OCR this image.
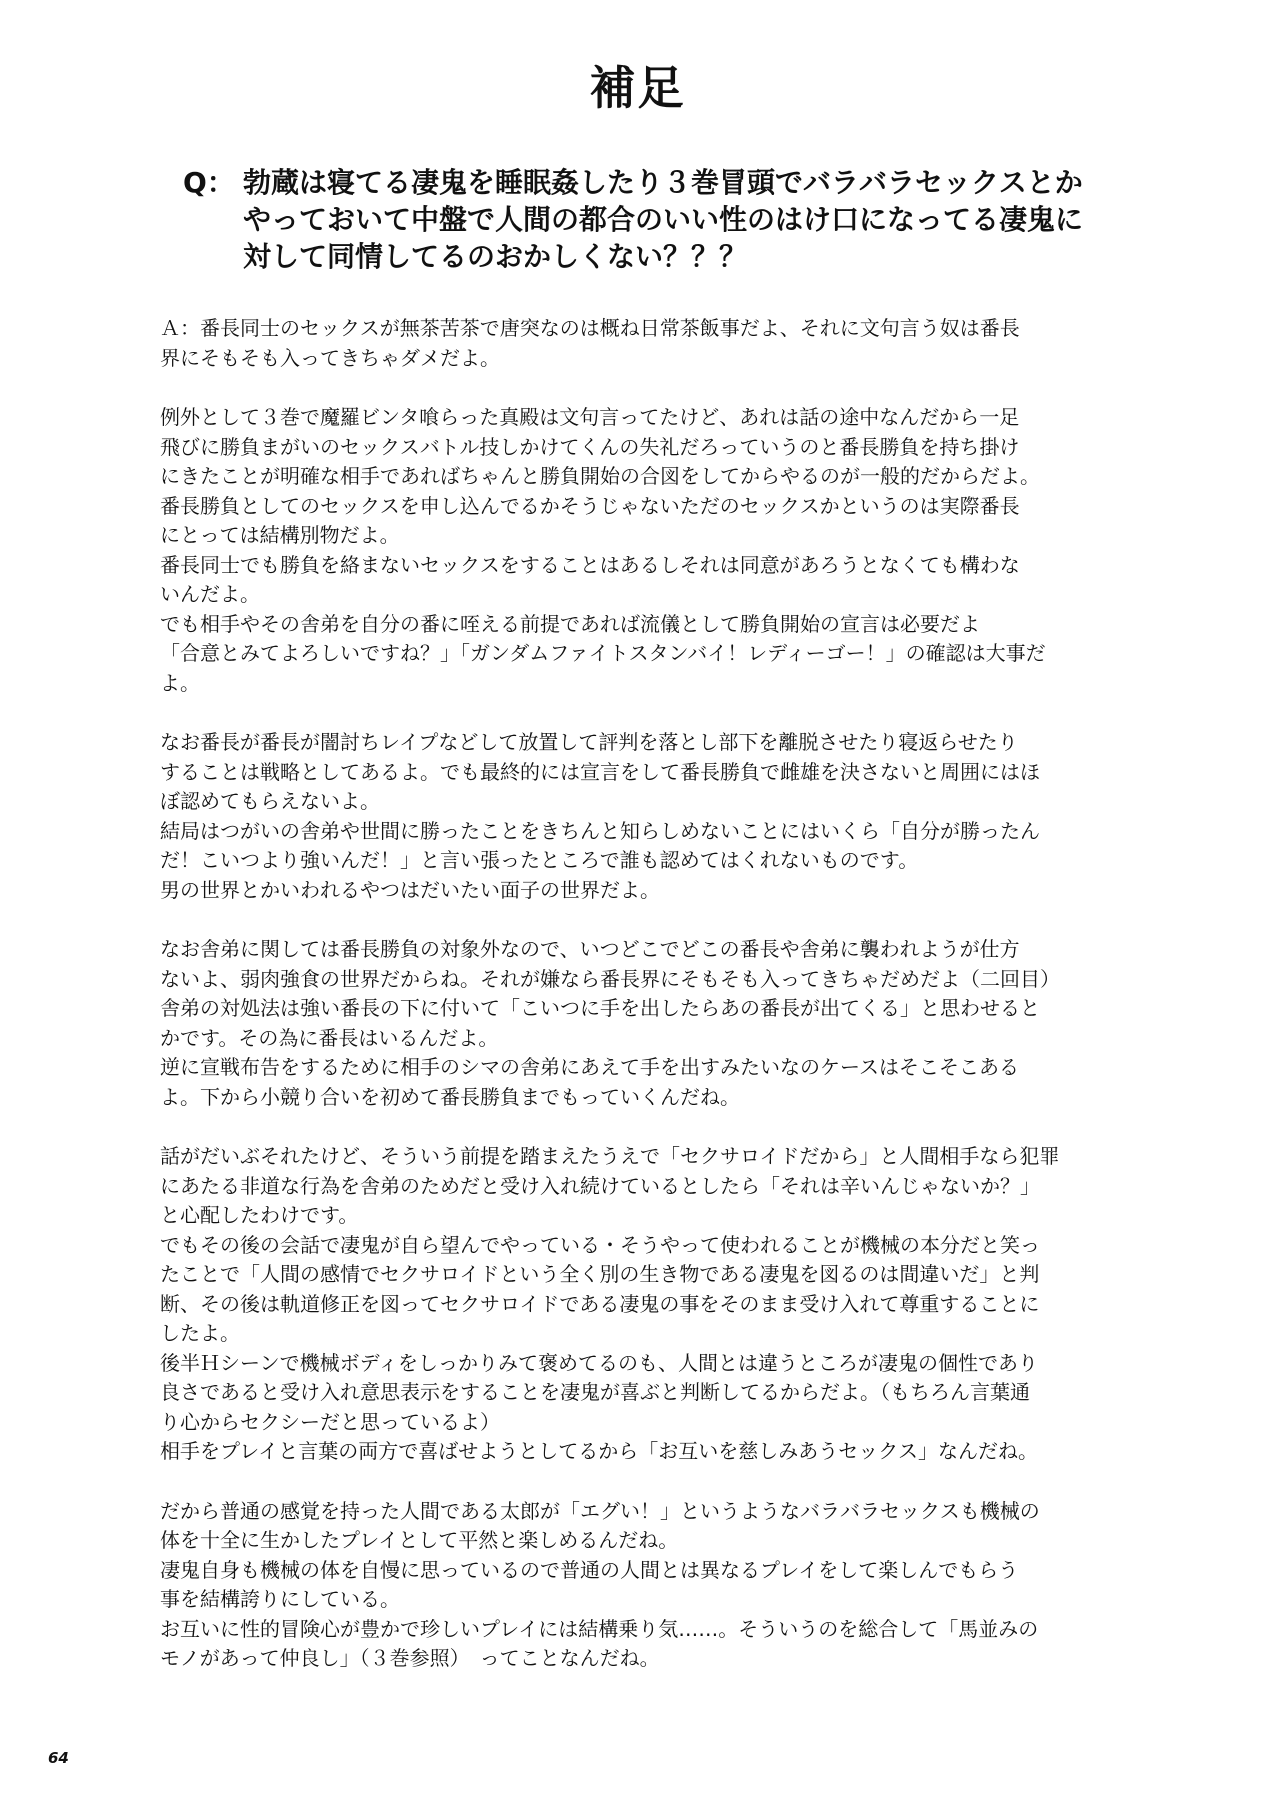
補足
Q： 勃蔵は寝てる凄鬼を睡眠姦したり３巻冒頭でバラバラセックスとか
やっておいて中盤で人間の都合のいい性のはけ口になってる凄鬼に
対して同情してるのおかしくない？？？
Ａ：番長同士のセックスが無茶苦茶で唐突なのは概ね日常茶飯事だよ、それに文句言う奴は番長
界にそもそも入ってきちゃダメだよ。
例外として３巻で魔羅ビンタ喰らった真殿は文句言ってたけど、あれは話の途中なんだから一足
飛びに勝負まがいのセックスバトル技しかけてくんの失礼だろっていうのと番長勝負を持ち掛け
にきたことが明確な相手であればちゃんと勝負開始の合図をしてからやるのが一般的だからだよ。
番長勝負としてのセックスを申し込んでるかそうじゃないただのセックスかというのは実際番長
にとっては結構別物だよ。
番長同士でも勝負を絡まないセックスをすることはあるしそれは同意があろうとなくても構わな
いんだよ。
でも相手やその舎弟を自分の番に咥える前提であれば流儀として勝負開始の宣言は必要だよ
「合意とみてよろしいですね？」「ガンダムファイトスタンバイ！レディーゴー！」の確認は大事だ
よ。
なお番長が番長が闇討ちレイプなどして放置して評判を落とし部下を離脱させたり寝返らせたり
することは戦略としてあるよ。でも最終的には宣言をして番長勝負で雌雄を決さないと周囲にはほ
ぼ認めてもらえないよ。
結局はつがいの舎弟や世間に勝ったことをきちんと知らしめないことにはいくら「自分が勝ったん
だ！こいつより強いんだ！」と言い張ったところで誰も認めてはくれないものです。
男の世界とかいわれるやつはだいたい面子の世界だよ。
なお舎弟に関しては番長勝負の対象外なので、いつどこでどこの番長や舎弟に襲われようが仕方
ないよ、弱肉強食の世界だからね。それが嫌なら番長界にそもそも入ってきちゃだめだよ（二回目）
舎弟の対処法は強い番長の下に付いて「こいつに手を出したらあの番長が出てくる」と思わせると
かです。その為に番長はいるんだよ。
逆に宣戦布告をするために相手のシマの舎弟にあえて手を出すみたいなのケースはそこそこある
よ。下から小競り合いを初めて番長勝負までもっていくんだね。
話がだいぶそれたけど、そういう前提を踏まえたうえで「セクサロイドだから」と人間相手なら犯罪
にあたる非道な行為を舎弟のためだと受け入れ続けているとしたら「それは辛いんじゃないか？」
と心配したわけです。
でもその後の会話で凄鬼が自ら望んでやっている・そうやって使われることが機械の本分だと笑っ
たことで「人間の感情でセクサロイドという全く別の生き物である凄鬼を図るのは間違いだ」と判
断、その後は軌道修正を図ってセクサロイドである凄鬼の事をそのまま受け入れて尊重することに
したよ。
後半Ｈシーンで機械ボディをしっかりみて褒めてるのも、人間とは違うところが凄鬼の個性であり
良さであると受け入れ意思表示をすることを凄鬼が喜ぶと判断してるからだよ。（もちろん言葉通
り心からセクシーだと思っているよ）
相手をプレイと言葉の両方で喜ばせようとしてるから「お互いを慈しみあうセックス」なんだね。
だから普通の感覚を持った人間である太郎が「エグい！」というようなバラバラセックスも機械の
体を十全に生かしたプレイとして平然と楽しめるんだね。
凄鬼自身も機械の体を自慢に思っているので普通の人間とは異なるプレイをして楽しんでもらう
事を結構誇りにしている。
お互いに性的冒険心が豊かで珍しいプレイには結構乗り気……。そういうのを総合して「馬並みの
モノがあって仲良し」（３巻参照）　ってことなんだね。
64
